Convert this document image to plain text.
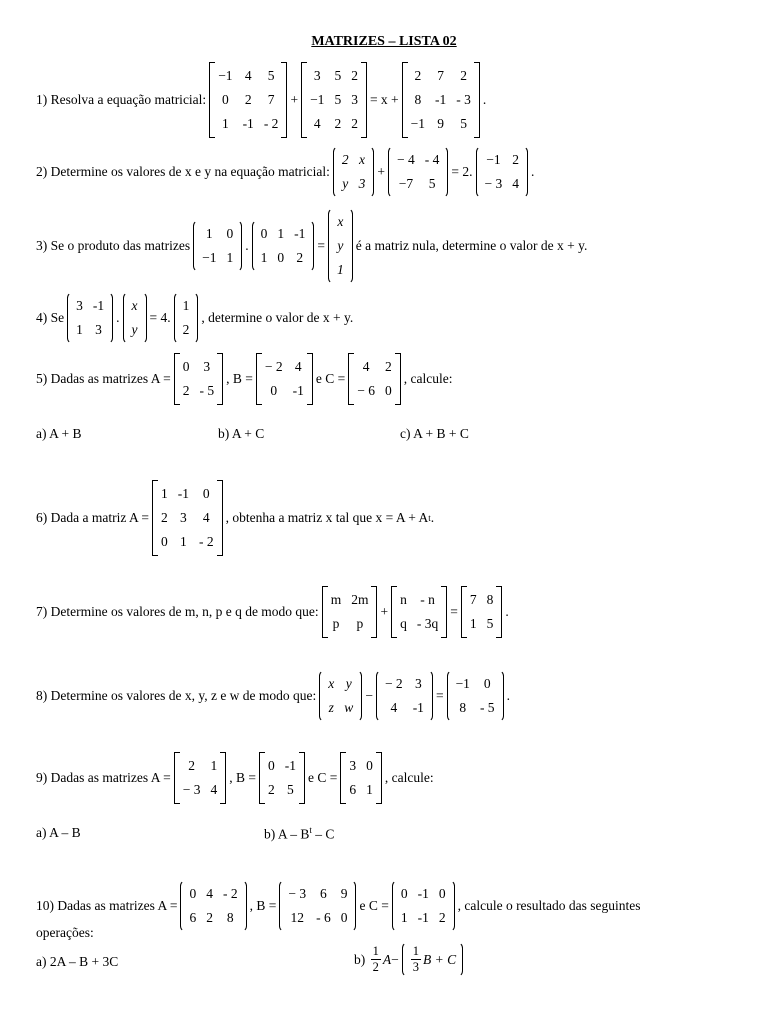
MATRIZES – LISTA 02
1) Resolva a equação matricial:
−1 4 5
0 2 7
1 -1 - 2
+
3 5 2
−1 5 3
4 2 2
= x +
2 7 2
8 -1 - 3
−1 9 5
.
2) Determine os valores de x e y na equação matricial:
2 x
y 3
+
− 4 - 4
−7 5
= 2.
−1 2
− 3 4
.
3) Se o produto das matrizes
1 0
−1 1
.
0 1 -1
1 0 2
=
x
y
1
é a matriz nula, determine o valor de x + y.
4) Se
3 -1
1 3
.
x
y
= 4.
1
2
, determine o valor de x + y.
5) Dadas as matrizes A =
0 3
2 - 5
, B =
− 2 4
0	-1
e C =
4	2
− 6 0
, calcule:
a) A + B	b) A + C	c) A + B + C
6) Dada a matriz A =
1 -1 0
2 3 4
0 1 - 2
, obtenha a matriz x tal que x = A + A t .
7) Determine os valores de m, n, p e q de modo que:
m 2m
p	p
+
n - n
q - 3q
=
7 8
1 5
.
8) Determine os valores de x, y, z e w de modo que:
x y
z w
−
− 2 3
4	-1
=
−1 0
8 - 5
.
9) Dadas as matrizes A =
2	1
− 3 4
, B =
0 -1
2 5
e C =
3 0
6 1
, calcule:
a) A – B	b) A – $B^t$ – C
10) Dadas as matrizes A =
0 4 - 2
6 2 8
, B =
− 3 6 9
12 - 6 0
e C =
0 -1 0
1 -1 2
, calcule o resultado das seguintes
operações:
a) 2A – B + 3C	b)
$\frac{1}{2}$ $A - \frac{1}{3}$ B + C
